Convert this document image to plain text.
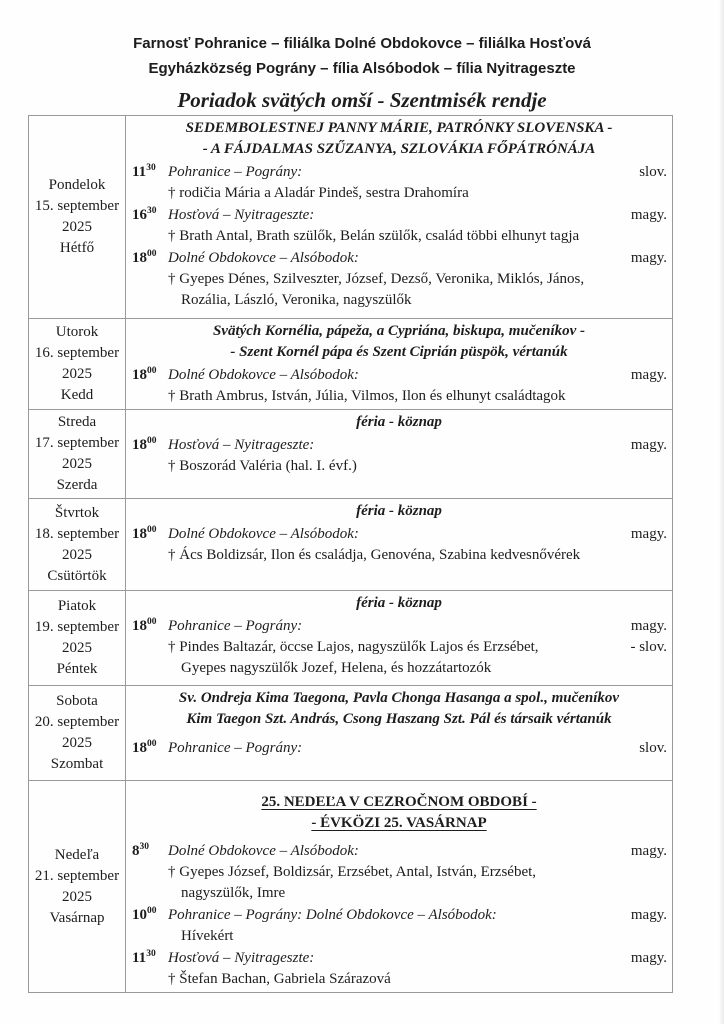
Farnosť Pohranice – filiálka Dolné Obdokovce – filiálka Hosťová
Egyházközség Pográny – fília Alsóbodok – fília Nyitrageszte
Poriadok svätých omší - Szentmisék rendje
Pondelok
15. september
2025
Hétfő
SEDEMBOLESTNEJ PANNY MÁRIE, PATRÓNKY SLOVENSKA -
- A FÁJDALMAS SZŰZANYA, SZLOVÁKIA FŐPÁTRÓNÁJA
$11^{30}$ Pohranice – Pográny:
† rodičia Mária a Aladár Pindeš, sestra Drahomíra
slov.
$16^{30}$ Hosťová – Nyitrageszte:
† Brath Antal, Brath szülők, Belán szülők, család többi elhunyt tagja
magy.
$18^{00}$ Dolné Obdokovce – Alsóbodok:
† Gyepes Dénes, Szilveszter, József, Dezső, Veronika, Miklós, János,
Rozália, László, Veronika, nagyszülők
magy.
Utorok
16. september
2025
Kedd
Svätých Kornélia, pápeža, a Cypriána, biskupa, mučeníkov -
- Szent Kornél pápa és Szent Ciprián püspök, vértanúk
$18^{00}$ Dolné Obdokovce – Alsóbodok:
† Brath Ambrus, István, Júlia, Vilmos, Ilon és elhunyt családtagok
magy.
Streda
17. september
2025
Szerda
féria - köznap
$18^{00}$ Hosťová – Nyitrageszte:
† Boszorád Valéria (hal. I. évf.)
magy.
Štvrtok
18. september
2025
Csütörtök
féria - köznap
$18^{00}$ Dolné Obdokovce – Alsóbodok:
† Ács Boldizsár, Ilon és családja, Genovéna, Szabina kedvesnővérek
magy.
Piatok
19. september
2025
Péntek
féria - köznap
$18^{00}$ Pohranice – Pográny:
† Pindes Baltazár, öccse Lajos, nagyszülők Lajos és Erzsébet,
Gyepes nagyszülők Jozef, Helena, és hozzátartozók
magy.
- slov.
Sobota
20. september
2025
Szombat
Sv. Ondreja Kima Taegona, Pavla Chonga Hasanga a spol., mučeníkov
Kim Taegon Szt. András, Csong Haszang Szt. Pál és társaik vértanúk
$18^{00}$ Pohranice – Pográny:	slov.
Nedeľa
21. september
2025
Vasárnap
25. NEDEĽA V CEZROČNOM OBDOBÍ -
- ÉVKÖZI 25. VASÁRNAP
$8^{30}$	Dolné Obdokovce – Alsóbodok:
† Gyepes József, Boldizsár, Erzsébet, Antal, István, Erzsébet,
nagyszülők, Imre
magy.
$10^{00}$ Pohranice – Pográny: Dolné Obdokovce – Alsóbodok:
Hívekért
magy.
$11^{30}$ Hosťová – Nyitrageszte:
† Štefan Bachan, Gabriela Szárazová
magy.
